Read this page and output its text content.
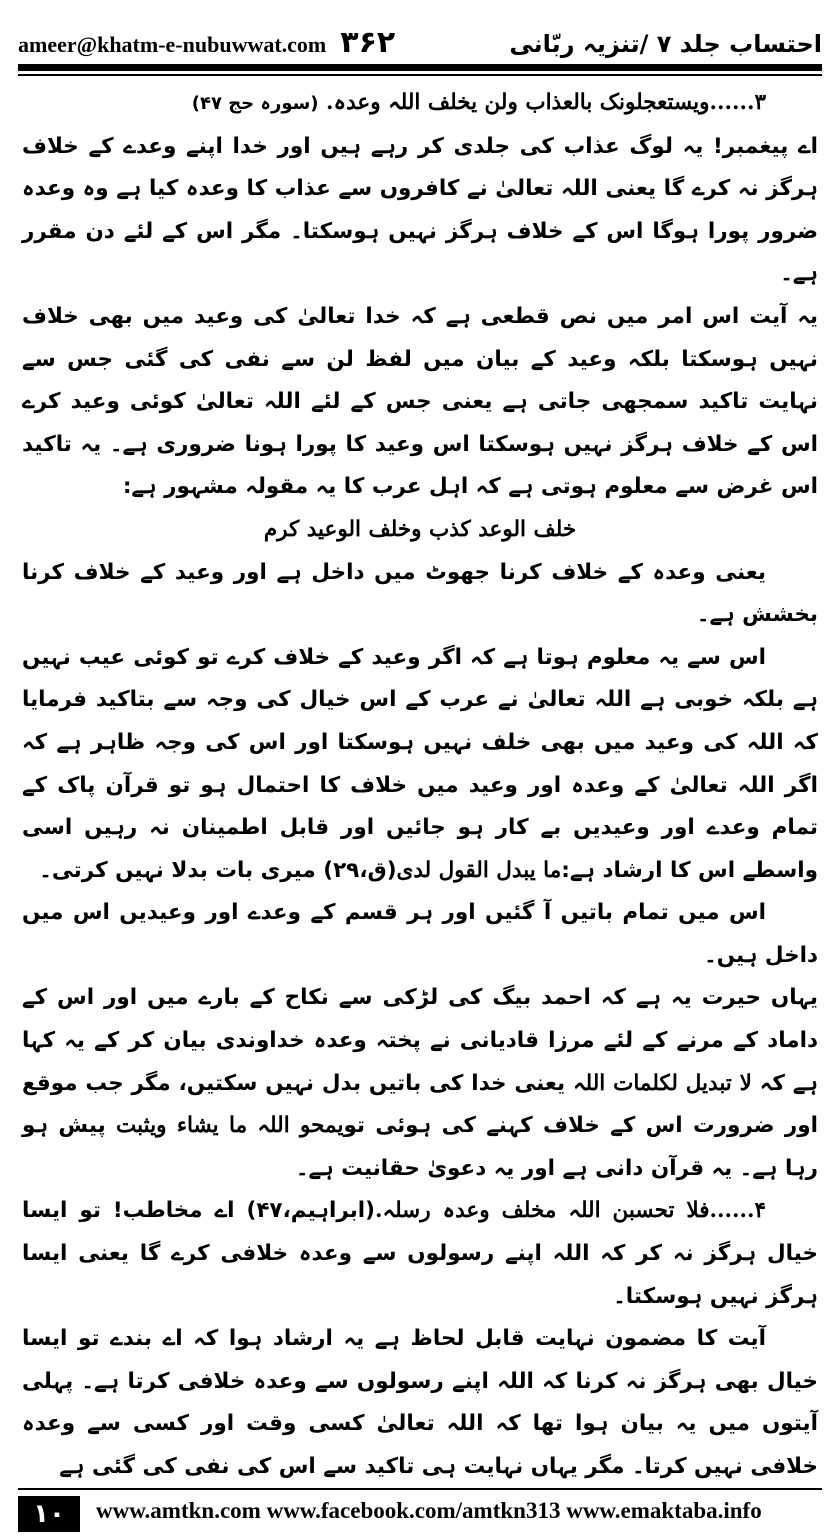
ameer@khatm-e-nubuwwat.com ۳۶۲	احتساب جلد ۷ /تنزیہ ربّانی

۳......ویستعجلونک بالعذاب ولن یخلف اللہ وعدہ. (سورہ حج ۴۷)

اے پیغمبر! یہ لوگ عذاب کی جلدی کر رہے ہیں اور خدا اپنے وعدے کے خلاف ہرگز نہ کرے گا یعنی اللہ تعالیٰ نے کافروں سے عذاب کا وعدہ کیا ہے وہ وعدہ ضرور پورا ہوگا اس کے خلاف ہرگز نہیں ہوسکتا۔ مگر اس کے لئے دن مقرر ہے۔

یہ آیت اس امر میں نص قطعی ہے کہ خدا تعالیٰ کی وعید میں بھی خلاف نہیں ہوسکتا بلکہ وعید کے بیان میں لفظ لن سے نفی کی گئی جس سے نہایت تاکید سمجھی جاتی ہے یعنی جس کے لئے اللہ تعالیٰ کوئی وعید کرے اس کے خلاف ہرگز نہیں ہوسکتا اس وعید کا پورا ہونا ضروری ہے۔ یہ تاکید اس غرض سے معلوم ہوتی ہے کہ اہل عرب کا یہ مقولہ مشہور ہے:

خلف الوعد کذب وخلف الوعید کرم

یعنی وعدہ کے خلاف کرنا جھوٹ میں داخل ہے اور وعید کے خلاف کرنا بخشش ہے۔

اس سے یہ معلوم ہوتا ہے کہ اگر وعید کے خلاف کرے تو کوئی عیب نہیں ہے بلکہ خوبی ہے اللہ تعالیٰ نے عرب کے اس خیال کی وجہ سے بتاکید فرمایا کہ اللہ کی وعید میں بھی خلف نہیں ہوسکتا اور اس کی وجہ ظاہر ہے کہ اگر اللہ تعالیٰ کے وعدہ اور وعید میں خلاف کا احتمال ہو تو قرآن پاک کے تمام وعدے اور وعیدیں بے کار ہو جائیں اور قابل اطمینان نہ رہیں اسی واسطے اس کا ارشاد ہے:ما یبدل القول لدی(ق،۲۹) میری بات بدلا نہیں کرتی۔

اس میں تمام باتیں آ گئیں اور ہر قسم کے وعدے اور وعیدیں اس میں داخل ہیں۔

یہاں حیرت یہ ہے کہ احمد بیگ کی لڑکی سے نکاح کے بارے میں اور اس کے داماد کے مرنے کے لئے مرزا قادیانی نے پختہ وعدہ خداوندی بیان کر کے یہ کہا ہے کہ لا تبدیل لکلمات اللہ یعنی خدا کی باتیں بدل نہیں سکتیں، مگر جب موقع اور ضرورت اس کے خلاف کہنے کی ہوئی تویمحو اللہ ما یشاء ویثبت پیش ہو رہا ہے۔ یہ قرآن دانی ہے اور یہ دعویٰ حقانیت ہے۔

۴......فلا تحسبن اللہ مخلف وعدہ رسلہ.(ابراہیم،۴۷) اے مخاطب! تو ایسا خیال ہرگز نہ کر کہ اللہ اپنے رسولوں سے وعدہ خلافی کرے گا یعنی ایسا ہرگز نہیں ہوسکتا۔

آیت کا مضمون نہایت قابل لحاظ ہے یہ ارشاد ہوا کہ اے بندے تو ایسا خیال بھی ہرگز نہ کرنا کہ اللہ اپنے رسولوں سے وعدہ خلافی کرتا ہے۔ پہلی آیتوں میں یہ بیان ہوا تھا کہ اللہ تعالیٰ کسی وقت اور کسی سے وعدہ خلافی نہیں کرتا۔ مگر یہاں نہایت ہی تاکید سے اس کی نفی کی گئی ہے

۱۰	www.amtkn.com www.facebook.com/amtkn313 www.emaktaba.info
